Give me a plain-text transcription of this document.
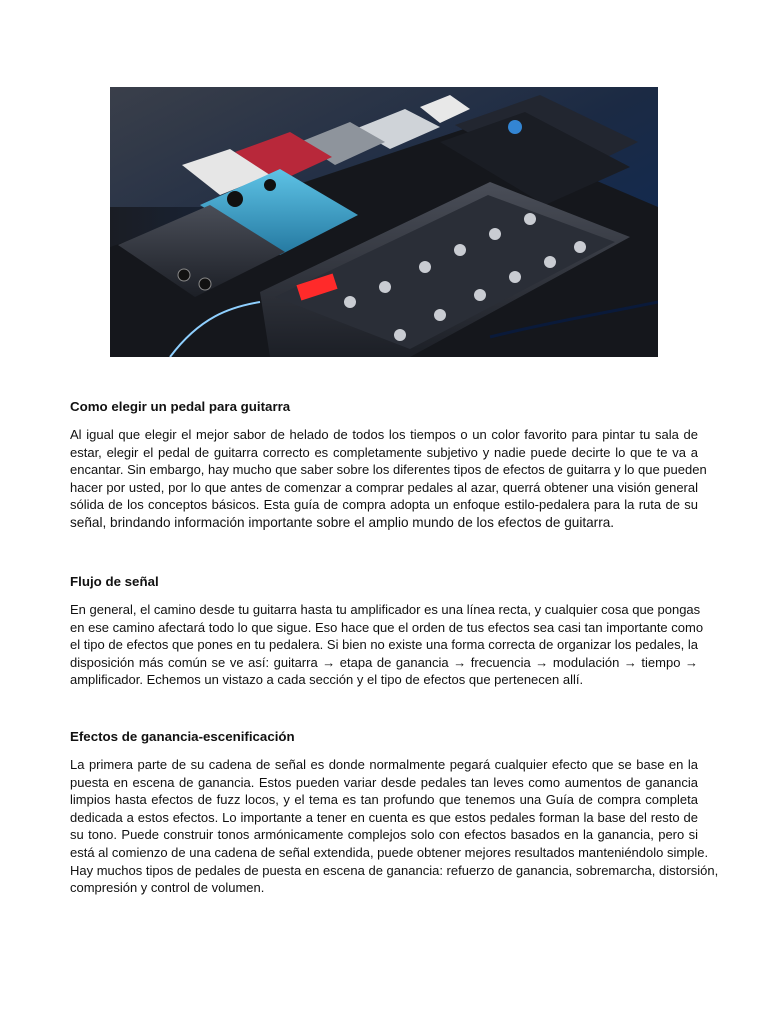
Como elegir un pedal para guitarra
Al igual que elegir el mejor sabor de helado de todos los tiempos o un color favorito para pintar tu sala de
estar, elegir el pedal de guitarra correcto es completamente subjetivo y nadie puede decirte lo que te va a
encantar. Sin embargo, hay mucho que saber sobre los diferentes tipos de efectos de guitarra y lo que pueden
hacer por usted, por lo que antes de comenzar a comprar pedales al azar, querrá obtener una visión general
sólida de los conceptos básicos. Esta guía de compra adopta un enfoque estilo-pedalera para la ruta de su
señal, brindando información importante sobre el amplio mundo de los efectos de guitarra.
Flujo de señal
En general, el camino desde tu guitarra hasta tu amplificador es una línea recta, y cualquier cosa que pongas
en ese camino afectará todo lo que sigue. Eso hace que el orden de tus efectos sea casi tan importante como
el tipo de efectos que pones en tu pedalera. Si bien no existe una forma correcta de organizar los pedales, la
disposición más común se ve así: guitarra → etapa de ganancia → frecuencia → modulación → tiempo →
amplificador. Echemos un vistazo a cada sección y el tipo de efectos que pertenecen allí.
Efectos de ganancia-escenificación
La primera parte de su cadena de señal es donde normalmente pegará cualquier efecto que se base en la
puesta en escena de ganancia. Estos pueden variar desde pedales tan leves como aumentos de ganancia
limpios hasta efectos de fuzz locos, y el tema es tan profundo que tenemos una Guía de compra completa
dedicada a estos efectos. Lo importante a tener en cuenta es que estos pedales forman la base del resto de
su tono. Puede construir tonos armónicamente complejos solo con efectos basados en la ganancia, pero si
está al comienzo de una cadena de señal extendida, puede obtener mejores resultados manteniéndolo simple.
Hay muchos tipos de pedales de puesta en escena de ganancia: refuerzo de ganancia, sobremarcha, distorsión,
compresión y control de volumen.
